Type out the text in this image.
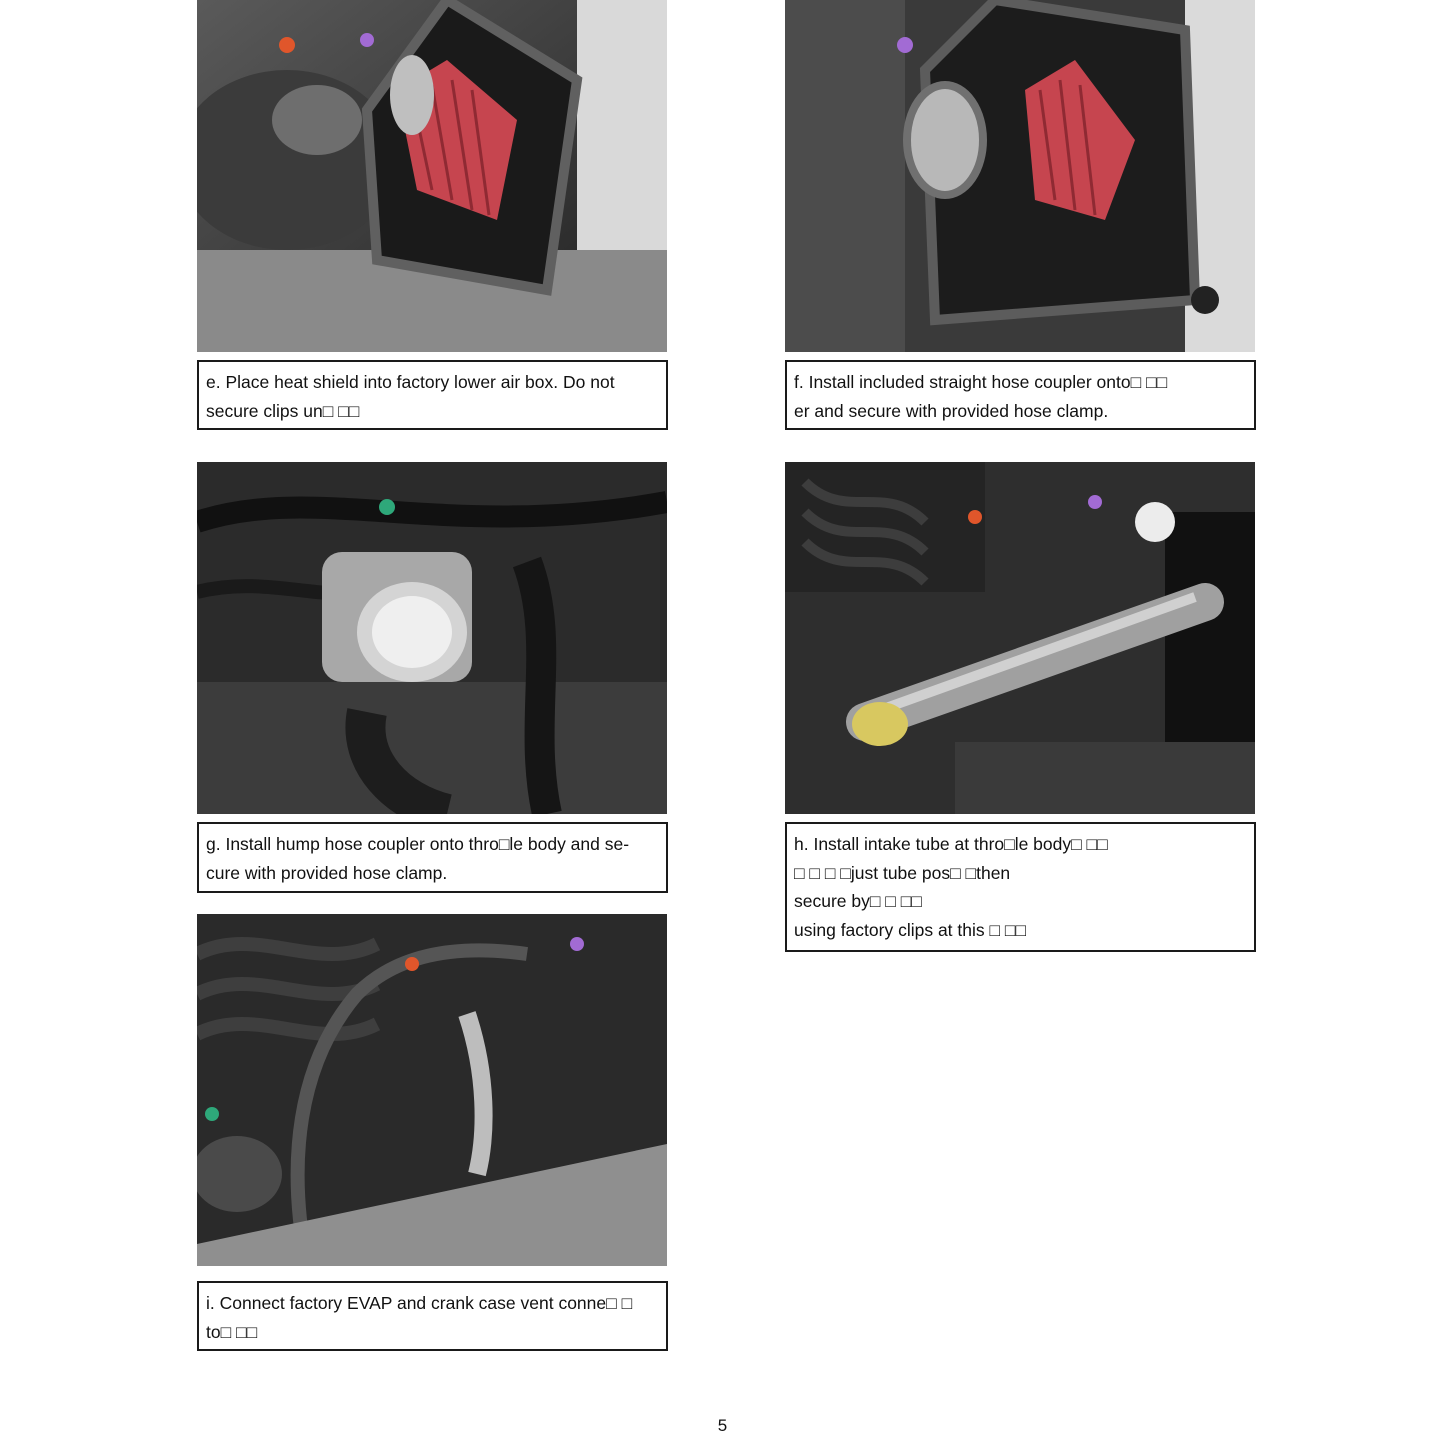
e. Place heat shield into factory lower air box. Do not
secure clips un□ □□
f. Install included straight hose coupler onto□ □□
er and secure with provided hose clamp.
g. Install hump hose coupler onto thro□le body and se-
cure with provided hose clamp.
h. Install intake tube at thro□le body□ □□
□ □ □ □just tube pos□ □then
secure by□ □ □□
using factory clips at this □ □□
i. Connect factory EVAP and crank case vent conne□ □
to□ □□
5
